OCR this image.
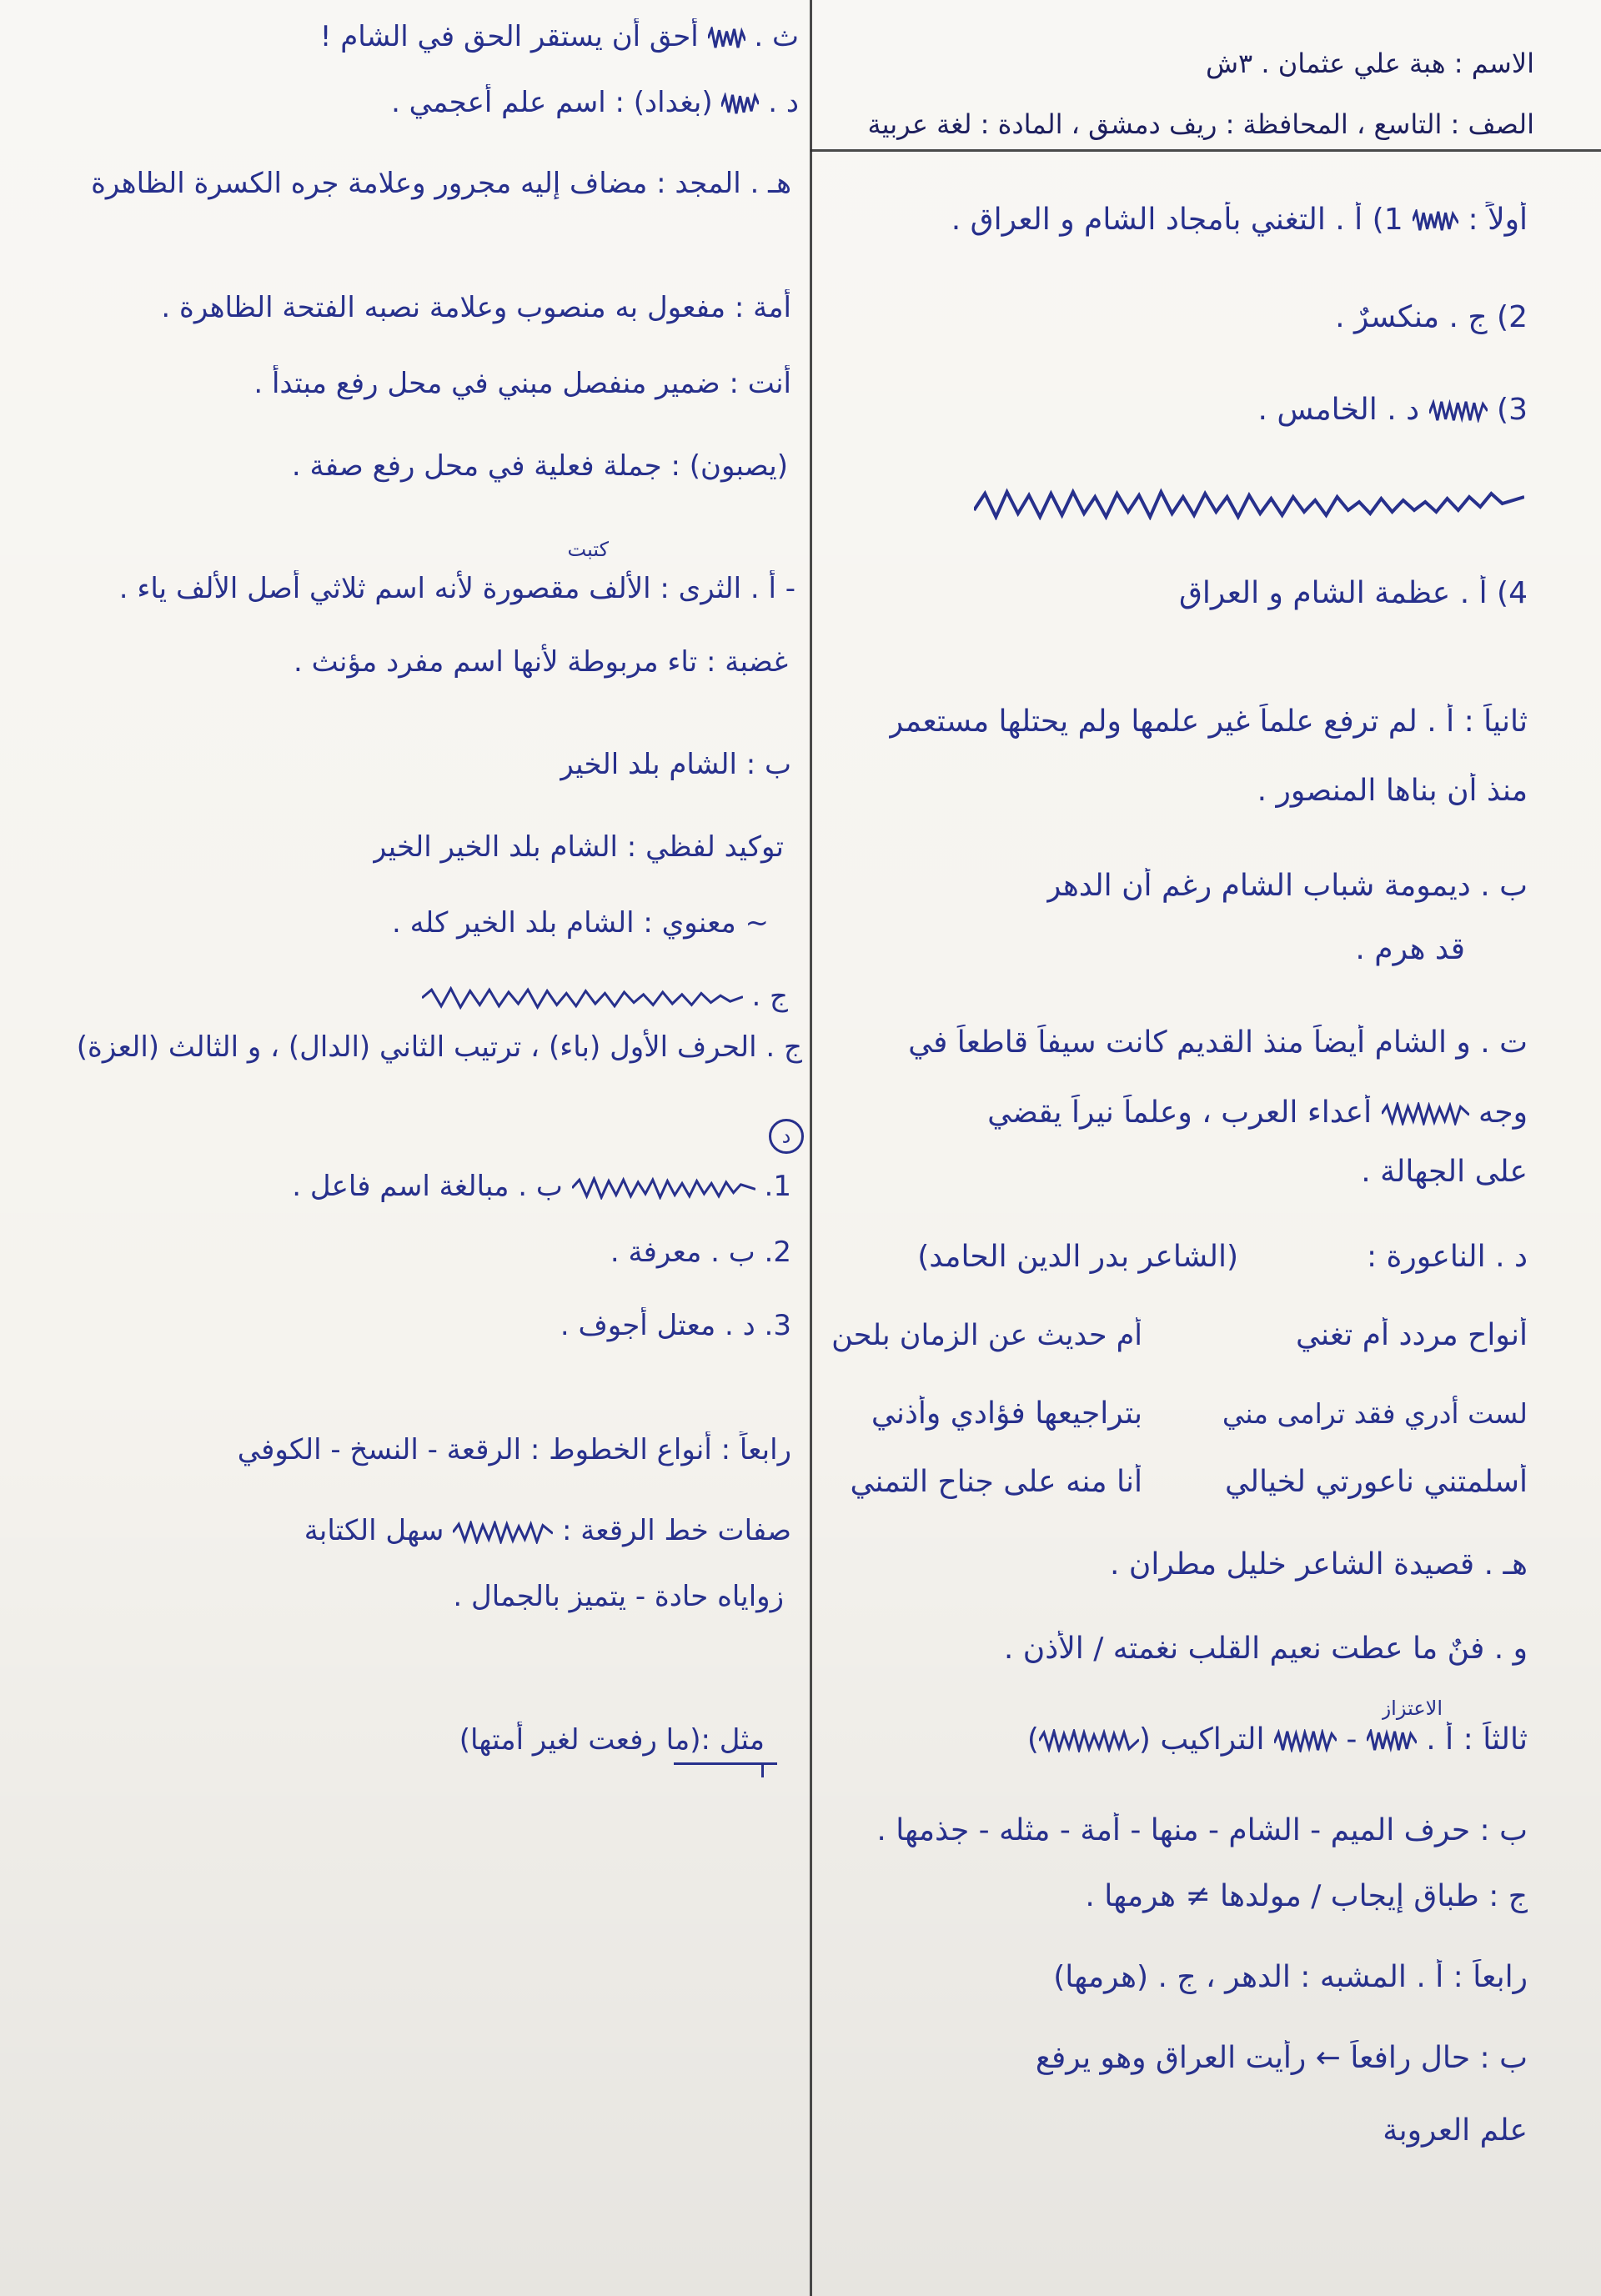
الاسم : هبة علي عثمان . ٣ش
الصف : التاسع ، المحافظة : ريف دمشق ، المادة : لغة عربية
أولاً :
1) أ . التغني بأمجاد الشام و العراق .
2) ج . منكسرٌ .
3)
د . الخامس .
4) أ . عظمة الشام و العراق
ثانياً : أ . لم ترفع علماً غير علمها ولم يحتلها مستعمر
منذ أن بناها المنصور .
ب . ديمومة شباب الشام رغم أن الدهر
قد هرم .
ت . و الشام أيضاً منذ القديم كانت سيفاً قاطعاً في
وجه
أعداء العرب ، وعلماً نيراً يقضي
على الجهالة .
د . الناعورة :
(الشاعر بدر الدين الحامد)
أنواح مردد أم تغني
أم حديث عن الزمان بلحن
لست أدري فقد ترامى مني
بتراجيعها فؤادي وأذني
أسلمتني ناعورتي لخيالي
أنا منه على جناح التمني
هـ . قصيدة الشاعر خليل مطران .
و . فنٌ ما عطت نعيم القلب نغمته / الأذن .
الاعتزاز
ثالثاً : أ .
-
التراكيب (
)
مثل :(ما رفعت لغير أمتها)
ب : حرف الميم - الشام - منها - أمة - مثله - جذمها .
ج : طباق إيجاب / مولدها ≠ هرمها .
رابعاً : أ . المشبه : الدهر ، ج . (هرمها)
ب : حال رافعاً ← رأيت العراق وهو يرفع
علم العروبة
ث .
أحق أن يستقر الحق في الشام !
د .
(بغداد) : اسم علم أعجمي .
هـ . المجد : مضاف إليه مجرور وعلامة جره الكسرة الظاهرة
أمة : مفعول به منصوب وعلامة نصبه الفتحة الظاهرة .
أنت : ضمير منفصل مبني في محل رفع مبتدأ .
(يصبون) : جملة فعلية في محل رفع صفة .
كتبت
- أ . الثرى : الألف مقصورة لأنه اسم ثلاثي أصل الألف ياء .
غضبة : تاء مربوطة لأنها اسم مفرد مؤنث .
ب : الشام بلد الخير
توكيد لفظي : الشام بلد الخير الخير
~ معنوي : الشام بلد الخير كله .
ج .
ج . الحرف الأول (باء) ، ترتيب الثاني (الدال) ، و الثالث (العزة)
د
1.
ب . مبالغة اسم فاعل .
2. ب . معرفة .
3. د . معتل أجوف .
رابعاً : أنواع الخطوط : الرقعة - النسخ - الكوفي
صفات خط الرقعة :
سهل الكتابة
زواياه حادة - يتميز بالجمال .
